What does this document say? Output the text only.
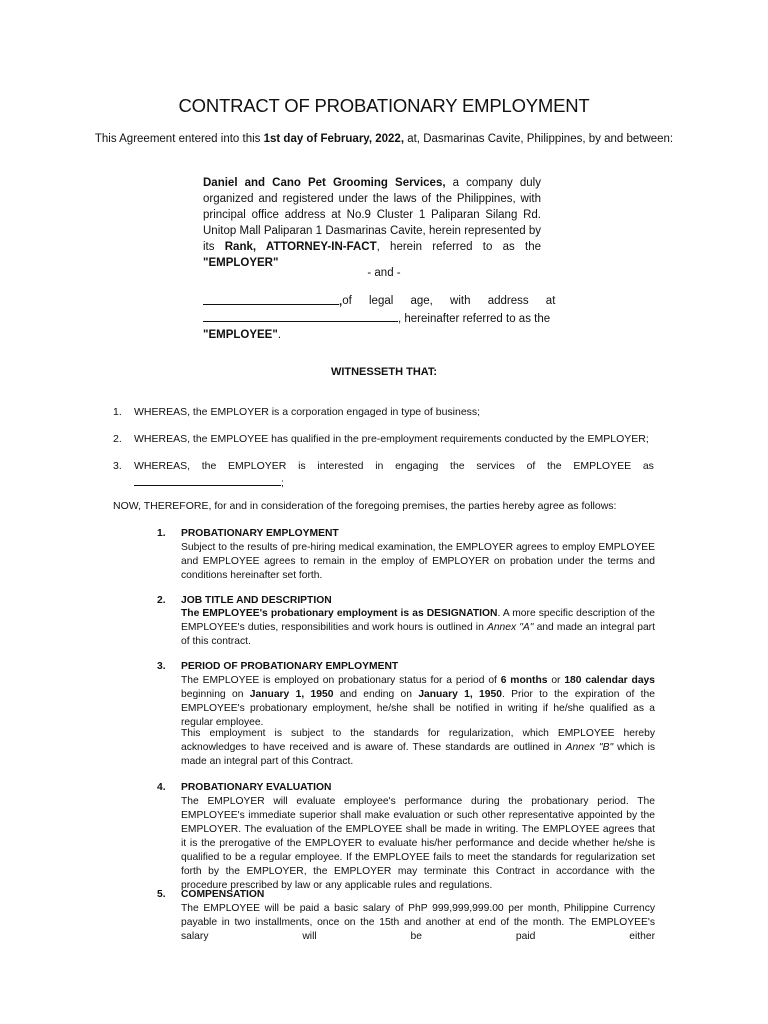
CONTRACT OF PROBATIONARY EMPLOYMENT
This Agreement entered into this 1st day of February, 2022, at, Dasmarinas Cavite, Philippines, by and between:
Daniel and Cano Pet Grooming Services, a company duly organized and registered under the laws of the Philippines, with principal office address at No.9 Cluster 1 Paliparan Silang Rd. Unitop Mall Paliparan 1 Dasmarinas Cavite, herein represented by its Rank, ATTORNEY-IN-FACT, herein referred to as the "EMPLOYER"
- and -
, of legal age, with address at
, hereinafter referred to as the
"EMPLOYEE".
WITNESSETH THAT:
1. WHEREAS, the EMPLOYER is a corporation engaged in type of business;
2. WHEREAS, the EMPLOYEE has qualified in the pre-employment requirements conducted by the EMPLOYER;
3. WHEREAS, the EMPLOYER is interested in engaging the services of the EMPLOYEE as
;
NOW, THEREFORE, for and in consideration of the foregoing premises, the parties hereby agree as follows:
1. PROBATIONARY EMPLOYMENT
Subject to the results of pre-hiring medical examination, the EMPLOYER agrees to employ EMPLOYEE and EMPLOYEE agrees to remain in the employ of EMPLOYER on probation under the terms and conditions hereinafter set forth.
2. JOB TITLE AND DESCRIPTION
The EMPLOYEE's probationary employment is as DESIGNATION. A more specific description of the EMPLOYEE's duties, responsibilities and work hours is outlined in Annex "A" and made an integral part of this contract.
3. PERIOD OF PROBATIONARY EMPLOYMENT
The EMPLOYEE is employed on probationary status for a period of 6 months or 180 calendar days beginning on January 1, 1950 and ending on January 1, 1950. Prior to the expiration of the EMPLOYEE's probationary employment, he/she shall be notified in writing if he/she qualified as a regular employee.
This employment is subject to the standards for regularization, which EMPLOYEE hereby acknowledges to have received and is aware of. These standards are outlined in Annex "B" which is made an integral part of this Contract.
4. PROBATIONARY EVALUATION
The EMPLOYER will evaluate employee's performance during the probationary period. The EMPLOYEE's immediate superior shall make evaluation or such other representative appointed by the EMPLOYER. The evaluation of the EMPLOYEE shall be made in writing. The EMPLOYEE agrees that it is the prerogative of the EMPLOYER to evaluate his/her performance and decide whether he/she is qualified to be a regular employee. If the EMPLOYEE fails to meet the standards for regularization set forth by the EMPLOYER, the EMPLOYER may terminate this Contract in accordance with the procedure prescribed by law or any applicable rules and regulations.
5. COMPENSATION
The EMPLOYEE will be paid a basic salary of PhP 999,999,999.00 per month, Philippine Currency payable in two installments, once on the 15th and another at end of the month. The EMPLOYEE's salary will be paid either
